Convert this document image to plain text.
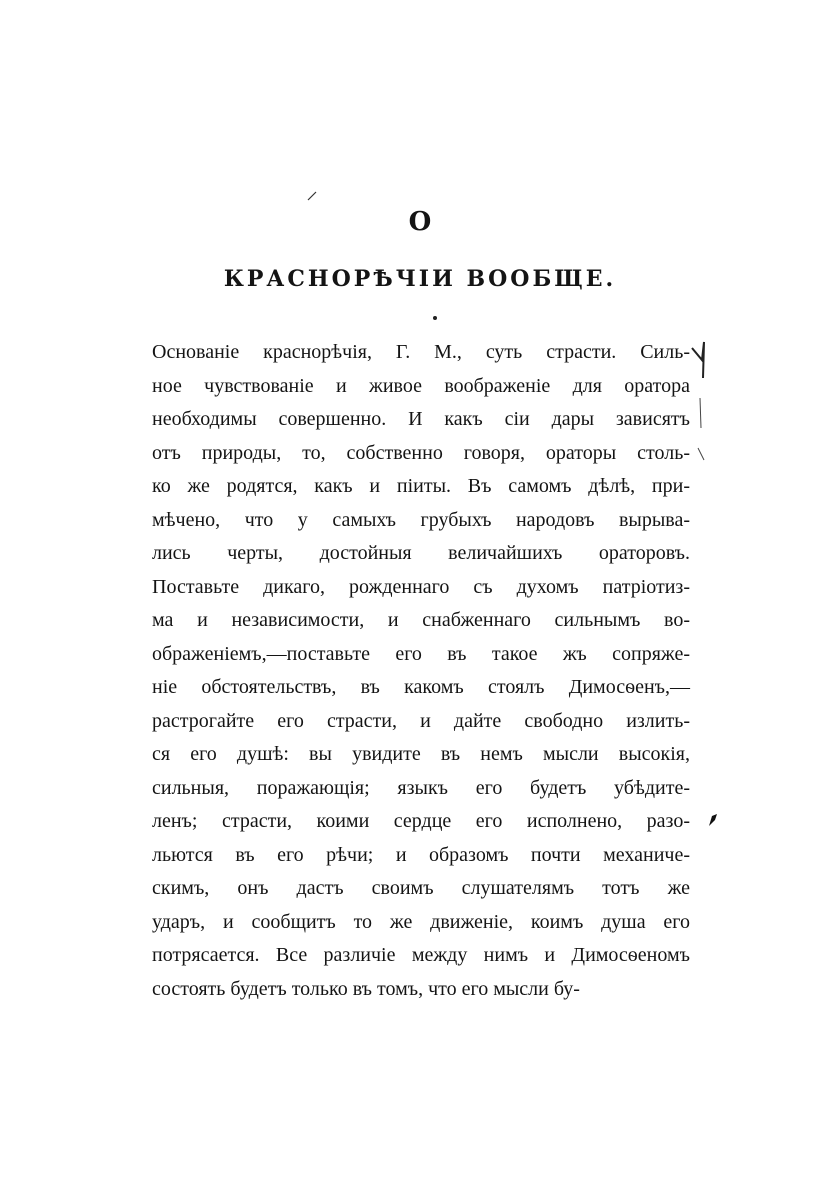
О
КРАСНОРѢЧІИ ВООБЩЕ.
Основаніе краснорѣчія, Г. М., суть страсти. Силь-
ное чувствованіе и живое воображеніе для оратора
необходимы совершенно. И какъ сіи дары зависятъ
отъ природы, то, собственно говоря, ораторы столь-
ко же родятся, какъ и піиты. Въ самомъ дѣлѣ, при-
мѣчено, что у самыхъ грубыхъ народовъ вырыва-
лись черты, достойныя величайшихъ ораторовъ.
Поставьте дикаго, рожденнаго съ духомъ патріотиз-
ма и независимости, и снабженнаго сильнымъ во-
ображеніемъ,—поставьте его въ такое жъ сопряже-
ніе обстоятельствъ, въ какомъ стоялъ Димосѳенъ,—
растрогайте его страсти, и дайте свободно излить-
ся его душѣ: вы увидите въ немъ мысли высокія,
сильныя, поражающія; языкъ его будетъ убѣдите-
ленъ; страсти, коими сердце его исполнено, разо-
льются въ его рѣчи; и образомъ почти механиче-
скимъ, онъ дастъ своимъ слушателямъ тотъ же
ударъ, и сообщитъ то же движеніе, коимъ душа его
потрясается. Все различіе между нимъ и Димосѳеномъ
состоять будетъ только въ томъ, что его мысли бу-
